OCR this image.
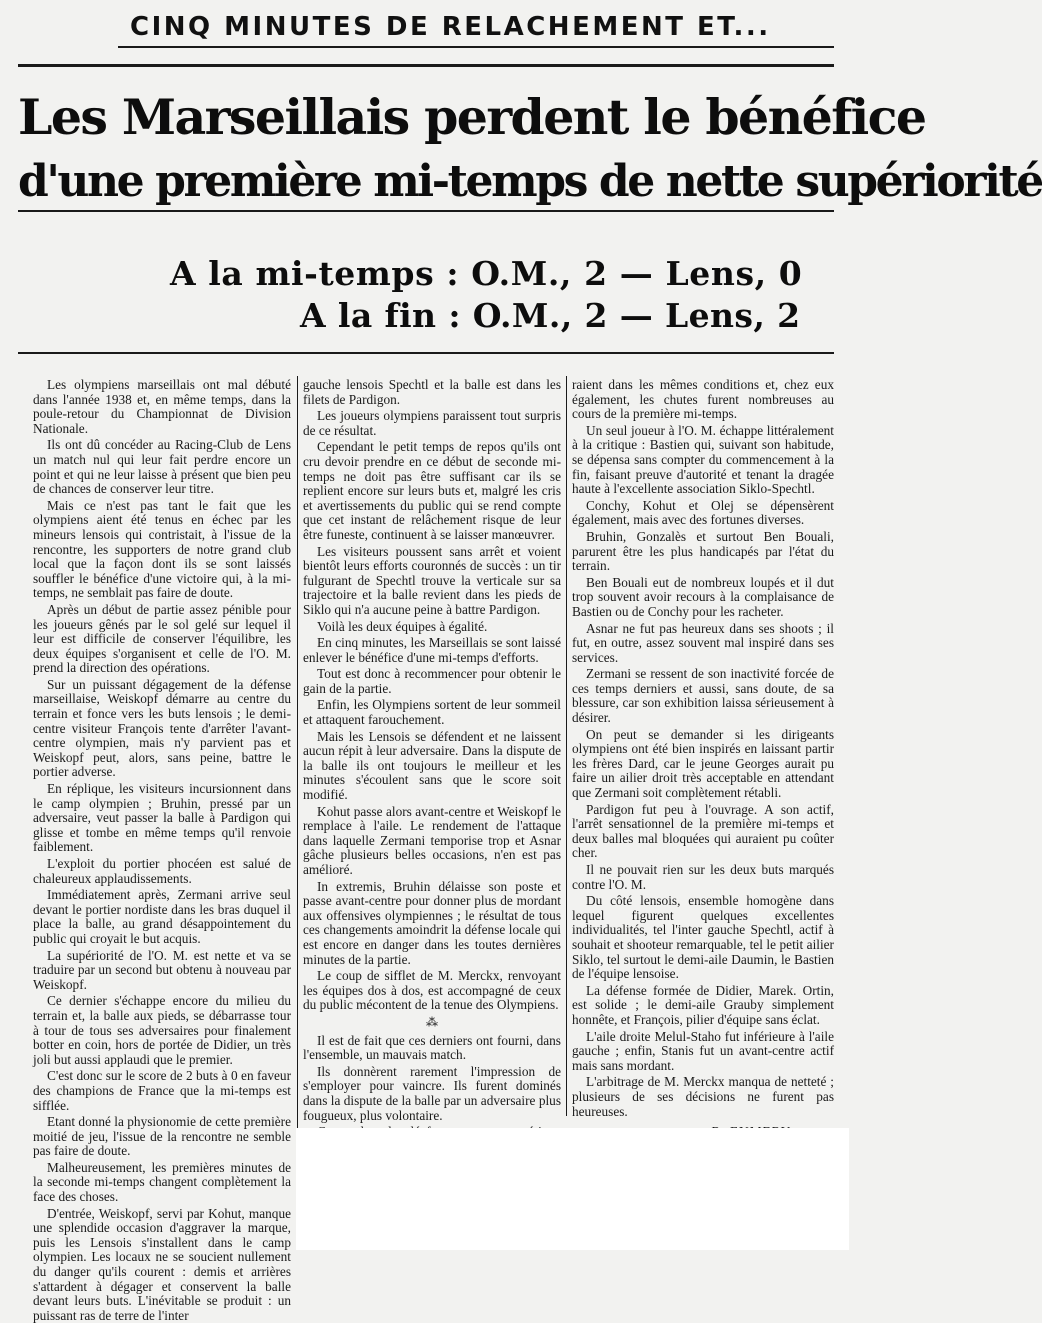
CINQ MINUTES DE RELACHEMENT ET...
Les Marseillais perdent le bénéfice
d'une première mi-temps de nette supériorité
A la mi-temps : O.M., 2 — Lens, 0
A la fin : O.M., 2 — Lens, 2

Les olympiens marseillais ont mal débuté dans l'année 1938 et, en même temps, dans la poule-retour du Championnat de Division Nationale.

Ils ont dû concéder au Racing-Club de Lens un match nul qui leur fait perdre encore un point et qui ne leur laisse à présent que bien peu de chances de conserver leur titre.

Mais ce n'est pas tant le fait que les olympiens aient été tenus en échec par les mineurs lensois qui contristait, à l'issue de la rencontre, les supporters de notre grand club local que la façon dont ils se sont laissés souffler le bénéfice d'une victoire qui, à la mi-temps, ne semblait pas faire de doute.

Après un début de partie assez pénible pour les joueurs gênés par le sol gelé sur lequel il leur est difficile de conserver l'équilibre, les deux équipes s'organisent et celle de l'O. M. prend la direction des opérations.

Sur un puissant dégagement de la défense marseillaise, Weiskopf démarre au centre du terrain et fonce vers les buts lensois ; le demi-centre visiteur François tente d'arrêter l'avant-centre olympien, mais n'y parvient pas et Weiskopf peut, alors, sans peine, battre le portier adverse.

En réplique, les visiteurs incursionnent dans le camp olympien ; Bruhin, pressé par un adversaire, veut passer la balle à Pardigon qui glisse et tombe en même temps qu'il renvoie faiblement.

L'exploit du portier phocéen est salué de chaleureux applaudissements.

Immédiatement après, Zermani arrive seul devant le portier nordiste dans les bras duquel il place la balle, au grand désappointement du public qui croyait le but acquis.

La supériorité de l'O. M. est nette et va se traduire par un second but obtenu à nouveau par Weiskopf.

Ce dernier s'échappe encore du milieu du terrain et, la balle aux pieds, se débarrasse tour à tour de tous ses adversaires pour finalement botter en coin, hors de portée de Didier, un très joli but aussi applaudi que le premier.

C'est donc sur le score de 2 buts à 0 en faveur des champions de France que la mi-temps est sifflée.

Etant donné la physionomie de cette première moitié de jeu, l'issue de la rencontre ne semble pas faire de doute.

Malheureusement, les premières minutes de la seconde mi-temps changent complètement la face des choses.

D'entrée, Weiskopf, servi par Kohut, manque une splendide occasion d'aggraver la marque, puis les Lensois s'installent dans le camp olympien. Les locaux ne se soucient nullement du danger qu'ils courent : demis et arrières s'attardent à dégager et conservent la balle devant leurs buts. L'inévitable se produit : un puissant ras de terre de l'inter

gauche lensois Spechtl et la balle est dans les filets de Pardigon.

Les joueurs olympiens paraissent tout surpris de ce résultat.

Cependant le petit temps de repos qu'ils ont cru devoir prendre en ce début de seconde mi-temps ne doit pas être suffisant car ils se replient encore sur leurs buts et, malgré les cris et avertissements du public qui se rend compte que cet instant de relâchement risque de leur être funeste, continuent à se laisser manœuvrer.

Les visiteurs poussent sans arrêt et voient bientôt leurs efforts couronnés de succès : un tir fulgurant de Spechtl trouve la verticale sur sa trajectoire et la balle revient dans les pieds de Siklo qui n'a aucune peine à battre Pardigon.

Voilà les deux équipes à égalité.

En cinq minutes, les Marseillais se sont laissé enlever le bénéfice d'une mi-temps d'efforts.

Tout est donc à recommencer pour obtenir le gain de la partie.

Enfin, les Olympiens sortent de leur sommeil et attaquent farouchement.

Mais les Lensois se défendent et ne laissent aucun répit à leur adversaire. Dans la dispute de la balle ils ont toujours le meilleur et les minutes s'écoulent sans que le score soit modifié.

Kohut passe alors avant-centre et Weiskopf le remplace à l'aile. Le rendement de l'attaque dans laquelle Zermani temporise trop et Asnar gâche plusieurs belles occasions, n'en est pas amélioré.

In extremis, Bruhin délaisse son poste et passe avant-centre pour donner plus de mordant aux offensives olympiennes ; le résultat de tous ces changements amoindrit la défense locale qui est encore en danger dans les toutes dernières minutes de la partie.

Le coup de sifflet de M. Merckx, renvoyant les équipes dos à dos, est accompagné de ceux du public mécontent de la tenue des Olympiens.

⁂

Il est de fait que ces derniers ont fourni, dans l'ensemble, un mauvais match.

Ils donnèrent rarement l'impression de s'employer pour vaincre. Ils furent dominés dans la dispute de la balle par un adversaire plus fougueux, plus volontaire.

raient dans les mêmes conditions et, chez eux également, les chutes furent nombreuses au cours de la première mi-temps.

Un seul joueur à l'O. M. échappe littéralement à la critique : Bastien qui, suivant son habitude, se dépensa sans compter du commencement à la fin, faisant preuve d'autorité et tenant la dragée haute à l'excellente association Siklo-Spechtl.

Conchy, Kohut et Olej se dépensèrent également, mais avec des fortunes diverses.

Bruhin, Gonzalès et surtout Ben Bouali, parurent être les plus handicapés par l'état du terrain.

Ben Bouali eut de nombreux loupés et il dut trop souvent avoir recours à la complaisance de Bastien ou de Conchy pour les racheter.

Asnar ne fut pas heureux dans ses shoots ; il fut, en outre, assez souvent mal inspiré dans ses services.

Zermani se ressent de son inactivité forcée de ces temps derniers et aussi, sans doute, de sa blessure, car son exhibition laissa sérieusement à désirer.

On peut se demander si les dirigeants olympiens ont été bien inspirés en laissant partir les frères Dard, car le jeune Georges aurait pu faire un ailier droit très acceptable en attendant que Zermani soit complètement rétabli.

Pardigon fut peu à l'ouvrage. A son actif, l'arrêt sensationnel de la première mi-temps et deux balles mal bloquées qui auraient pu coûter cher.

Il ne pouvait rien sur les deux buts marqués contre l'O. M.

Du côté lensois, ensemble homogène dans lequel figurent quelques excellentes individualités, tel l'inter gauche Spechtl, actif à souhait et shooteur remarquable, tel le petit ailier Siklo, tel surtout le demi-aile Daumin, le Bastien de l'équipe lensoise.

La défense formée de Didier, Marek. Ortin, est solide ; le demi-aile Grauby simplement honnête, et François, pilier d'équipe sans éclat.

L'aile droite Melul-Staho fut inférieure à l'aile gauche ; enfin, Stanis fut un avant-centre actif mais sans mordant.

L'arbitrage de M. Merckx manqua de netteté ; plusieurs de ses décisions ne furent pas heureuses.
